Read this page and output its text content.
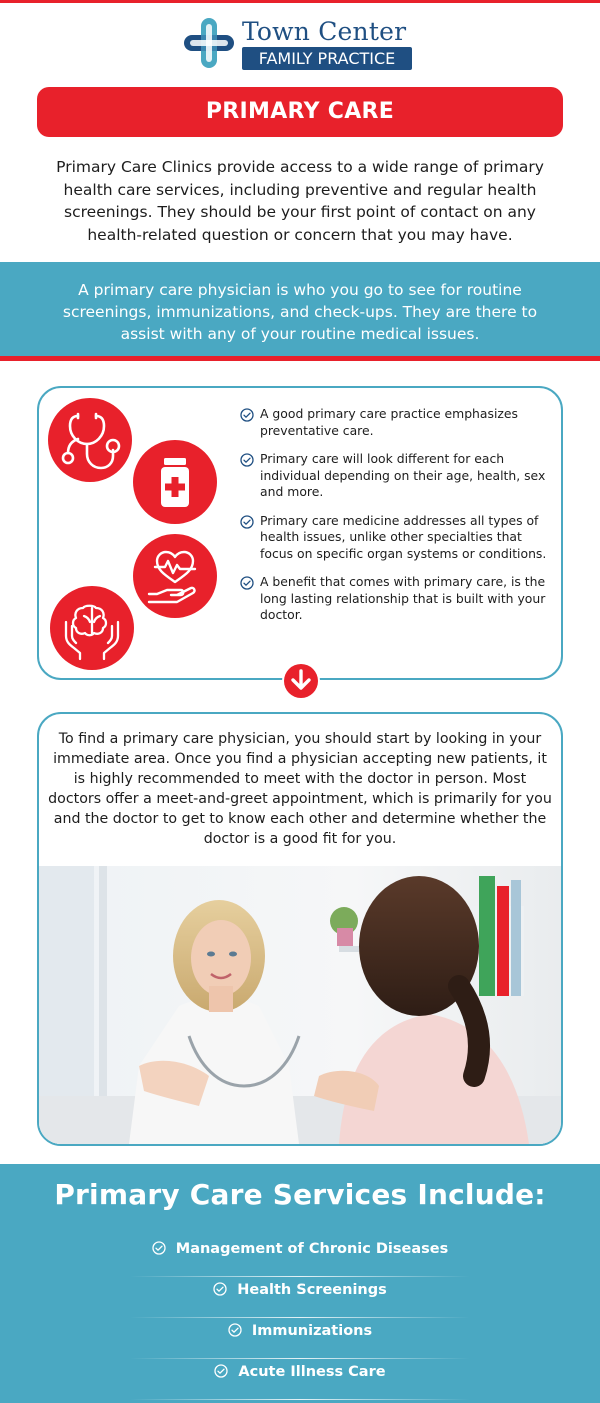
Town Center
FAMILY PRACTICE
PRIMARY CARE

Primary Care Clinics provide access to a wide range of primary health care services, including preventive and regular health screenings. They should be your first point of contact on any health-related question or concern that you may have.

A primary care physician is who you go to see for routine screenings, immunizations, and check-ups. They are there to assist with any of your routine medical issues.

A good primary care practice emphasizes preventative care.
Primary care will look different for each individual depending on their age, health, sex and more.
Primary care medicine addresses all types of health issues, unlike other specialties that focus on specific organ systems or conditions.
A benefit that comes with primary care, is the long lasting relationship that is built with your doctor.

To find a primary care physician, you should start by looking in your immediate area. Once you find a physician accepting new patients, it is highly recommended to meet with the doctor in person. Most doctors offer a meet-and-greet appointment, which is primarily for you and the doctor to get to know each other and determine whether the doctor is a good fit for you.

Primary Care Services Include:
Management of Chronic Diseases
Health Screenings
Immunizations
Acute Illness Care
